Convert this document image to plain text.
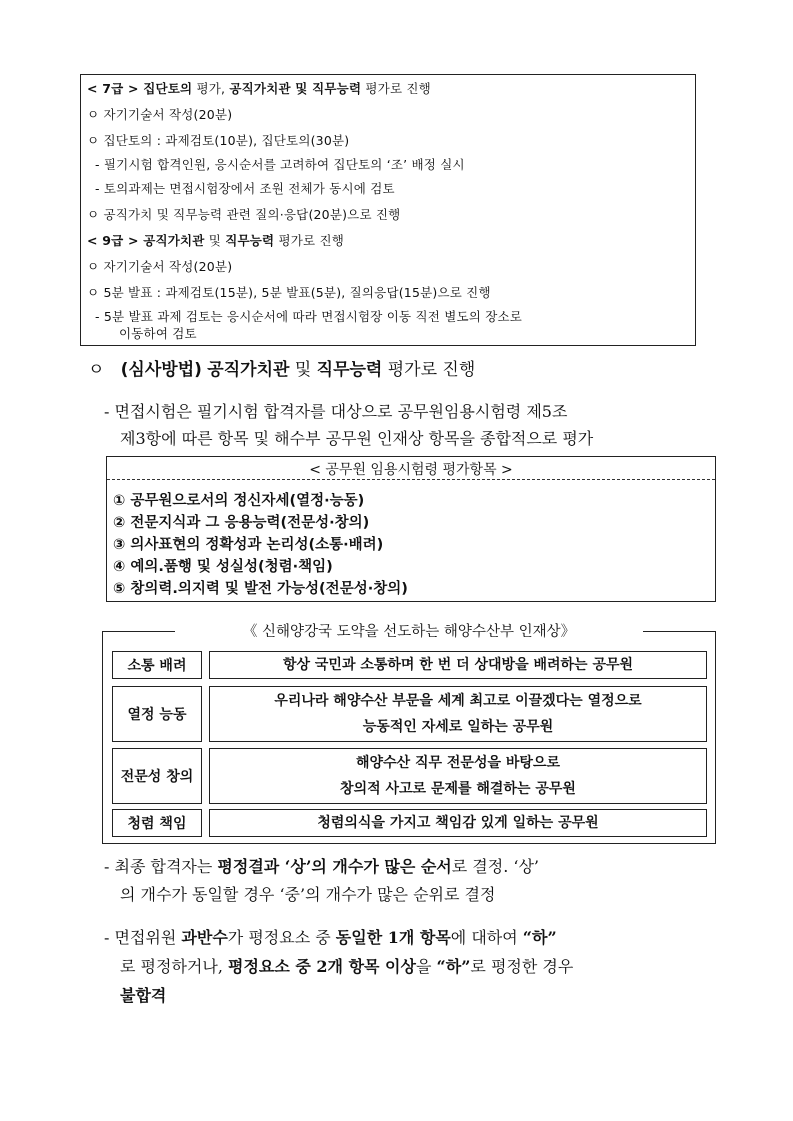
< 7급 > 집단토의 평가, 공직가치관 및 직무능력 평가로 진행
ㅇ 자기기술서 작성(20분)
ㅇ 집단토의 : 과제검토(10분), 집단토의(30분)
- 필기시험 합격인원, 응시순서를 고려하여 집단토의 ‘조’ 배정 실시
- 토의과제는 면접시험장에서 조원 전체가 동시에 검토
ㅇ 공직가치 및 직무능력 관련 질의·응답(20분)으로 진행
< 9급 > 공직가치관 및 직무능력 평가로 진행
ㅇ 자기기술서 작성(20분)
ㅇ 5분 발표 : 과제검토(15분), 5분 발표(5분), 질의응답(15분)으로 진행
- 5분 발표 과제 검토는 응시순서에 따라 면접시험장 이동 직전 별도의 장소로
이동하여 검토
ㅇ (심사방법) 공직가치관 및 직무능력 평가로 진행
- 면접시험은 필기시험 합격자를 대상으로 공무원임용시험령 제5조
제3항에 따른 항목 및 해수부 공무원 인재상 항목을 종합적으로 평가
< 공무원 임용시험령 평가항목 >
① 공무원으로서의 정신자세(열정·능동)
② 전문지식과 그 응용능력(전문성·창의)
③ 의사표현의 정확성과 논리성(소통·배려)
④ 예의.품행 및 성실성(청렴·책임)
⑤ 창의력.의지력 및 발전 가능성(전문성·창의)
《 신해양강국 도약을 선도하는 해양수산부 인재상》
소통 배려	항상 국민과 소통하며 한 번 더 상대방을 배려하는 공무원
열정 능동
우리나라 해양수산 부문을 세계 최고로 이끌겠다는 열정으로
능동적인 자세로 일하는 공무원
전문성 창의
해양수산 직무 전문성을 바탕으로
창의적 사고로 문제를 해결하는 공무원
청렴 책임	청렴의식을 가지고 책임감 있게 일하는 공무원
- 최종 합격자는 평정결과 ‘상’의 개수가 많은 순서로 결정. ‘상’
의 개수가 동일할 경우 ‘중’의 개수가 많은 순위로 결정
- 면접위원 과반수가 평정요소 중 동일한 1개 항목에 대하여 “하”
로 평정하거나, 평정요소 중 2개 항목 이상을 “하”로 평정한 경우
불합격
